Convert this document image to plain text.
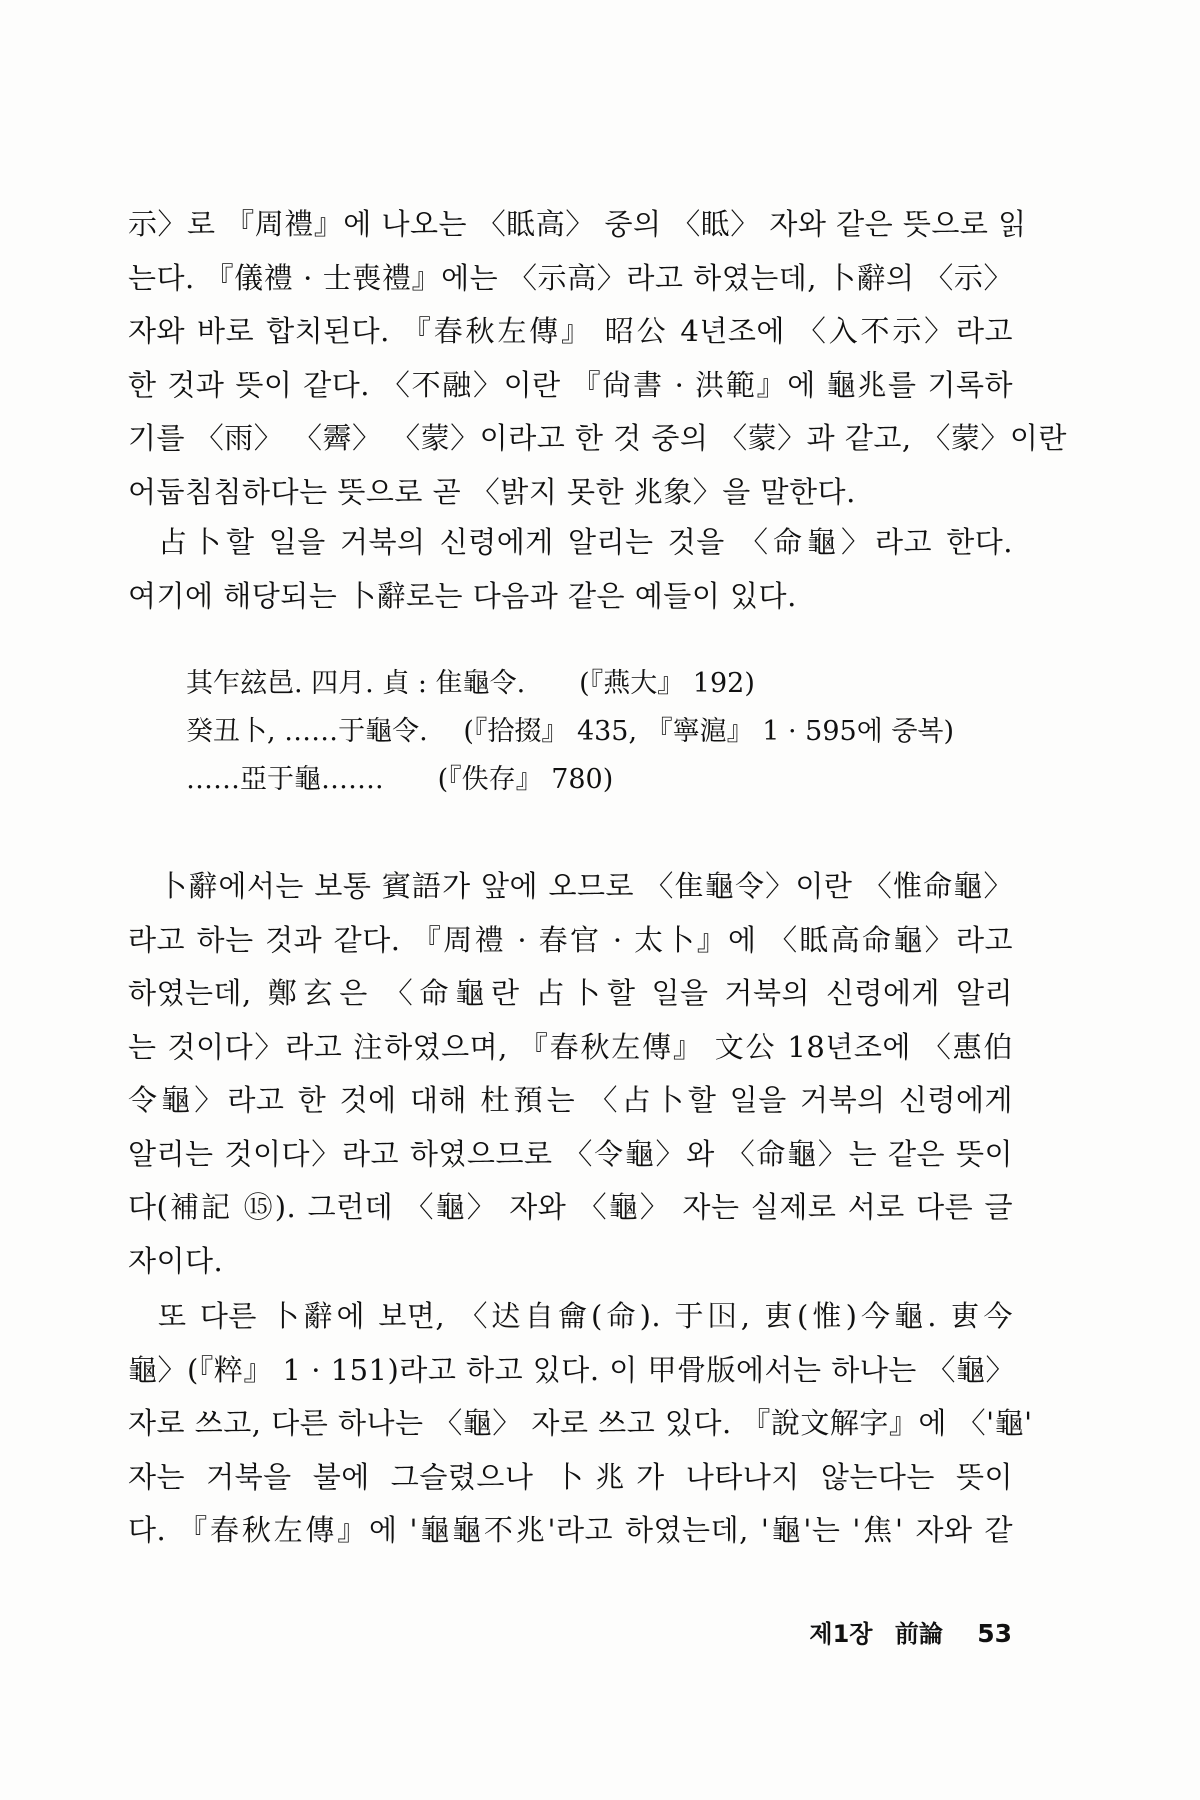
示〉로 『周禮』에 나오는 〈眡高〉 중의 〈眡〉 자와 같은 뜻으로 읽
는다. 『儀禮 · 士喪禮』에는 〈示高〉라고 하였는데, 卜辭의 〈示〉
자와 바로 합치된다. 『春秋左傳』 昭公 4년조에 〈入不示〉라고
한 것과 뜻이 같다. 〈不融〉이란 『尙書 · 洪範』에 龜兆를 기록하
기를 〈雨〉 〈霽〉 〈蒙〉이라고 한 것 중의 〈蒙〉과 같고, 〈蒙〉이란
어둡침침하다는 뜻으로 곧 〈밝지 못한 兆象〉을 말한다.
占卜할 일을 거북의 신령에게 알리는 것을 〈命龜〉라고 한다.
여기에 해당되는 卜辭로는 다음과 같은 예들이 있다.
其乍玆邑. 四月. 貞 : 隹龜令.　　(『燕大』 192)
癸丑卜, ……于龜令.　 (『拾掇』 435, 『寧滬』 1 · 595에 중복)
……亞于龜…….　　(『佚存』 780)
卜辭에서는 보통 賓語가 앞에 오므로 〈隹龜令〉이란 〈惟命龜〉
라고 하는 것과 같다. 『周禮 · 春官 · 太卜』에 〈眡高命龜〉라고
하였는데, 鄭玄은 〈命龜란 占卜할 일을 거북의 신령에게 알리
는 것이다〉라고 注하였으며, 『春秋左傳』 文公 18년조에 〈惠伯
令龜〉라고 한 것에 대해 杜預는 〈占卜할 일을 거북의 신령에게
알리는 것이다〉라고 하였으므로 〈令龜〉와 〈命龜〉는 같은 뜻이
다(補記 ⑮). 그런데 〈龜〉 자와 〈龜〉 자는 실제로 서로 다른 글
자이다.
또 다른 卜辭에 보면, 〈迖自龠(命). 于𡆥, 叀(惟)今龜. 叀今
龜〉(『粹』 1 · 151)라고 하고 있다. 이 甲骨版에서는 하나는 〈龜〉
자로 쓰고, 다른 하나는 〈龜〉 자로 쓰고 있다. 『說文解字』에 〈'龜'
자는 거북을 불에 그슬렸으나 卜兆가 나타나지 않는다는 뜻이
다. 『春秋左傳』에 '龜龜不兆'라고 하였는데, '龜'는 '焦' 자와 같
제1장 前論 53
